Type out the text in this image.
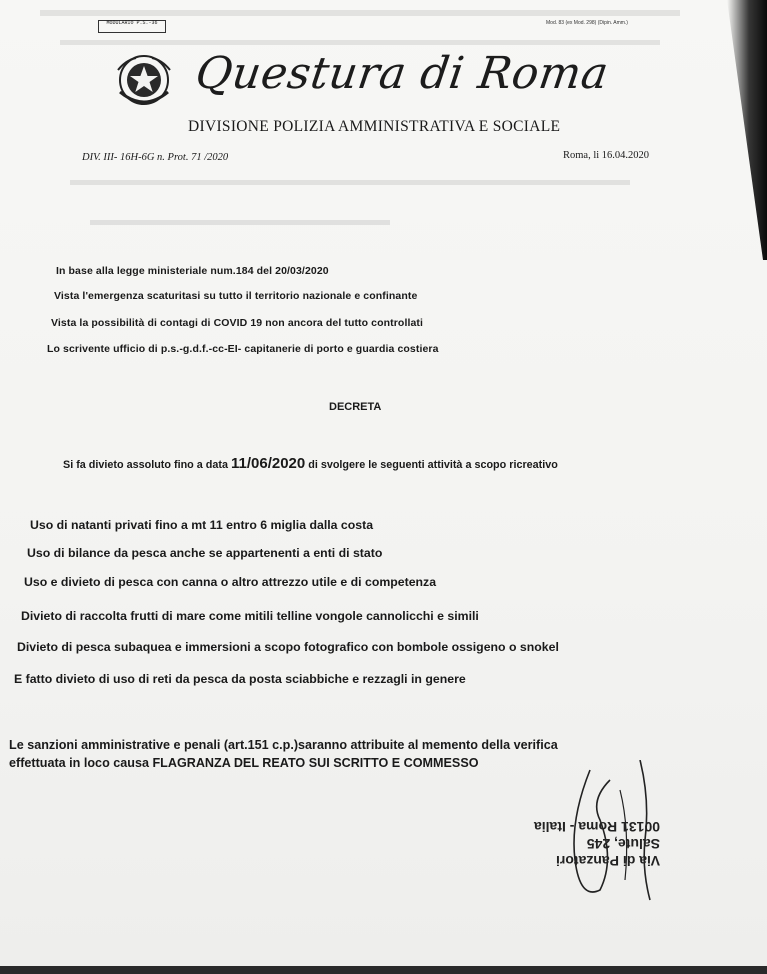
MODULARIO P.S.-36	Mod. 83 (ex Mod. 298) (Dipin. Amm.)
Questura di Roma
DIVISIONE POLIZIA AMMINISTRATIVA E SOCIALE
DIV. III- 16H-6G n. Prot. 71 /2020	Roma, li 16.04.2020
In base alla legge ministeriale num.184 del 20/03/2020
Vista l'emergenza scaturitasi su tutto il territorio nazionale e confinante
Vista la possibilità di contagi di COVID 19 non ancora del tutto controllati
Lo scrivente ufficio di p.s.-g.d.f.-cc-EI- capitanerie di porto e guardia costiera
DECRETA
Si fa divieto assoluto fino a data 11/06/2020 di svolgere le seguenti attività a scopo ricreativo
Uso di natanti privati fino a mt 11 entro 6 miglia dalla costa
Uso di bilance da pesca anche se appartenenti a enti di stato
Uso e divieto di pesca con canna o altro attrezzo utile e di competenza
Divieto di raccolta frutti di mare come mitili telline vongole cannolicchi e simili
Divieto di pesca subaquea e immersioni a scopo fotografico con bombole ossigeno o snokel
E fatto divieto di uso di reti da pesca da posta sciabbiche e rezzagli in genere
Le sanzioni amministrative e penali (art.151 c.p.)saranno attribuite al memento della verifica
effettuata in loco causa FLAGRANZA DEL REATO SUI SCRITTO E COMMESSO
Via di Panzatori
Salute, 245
00131 Roma - Italia
